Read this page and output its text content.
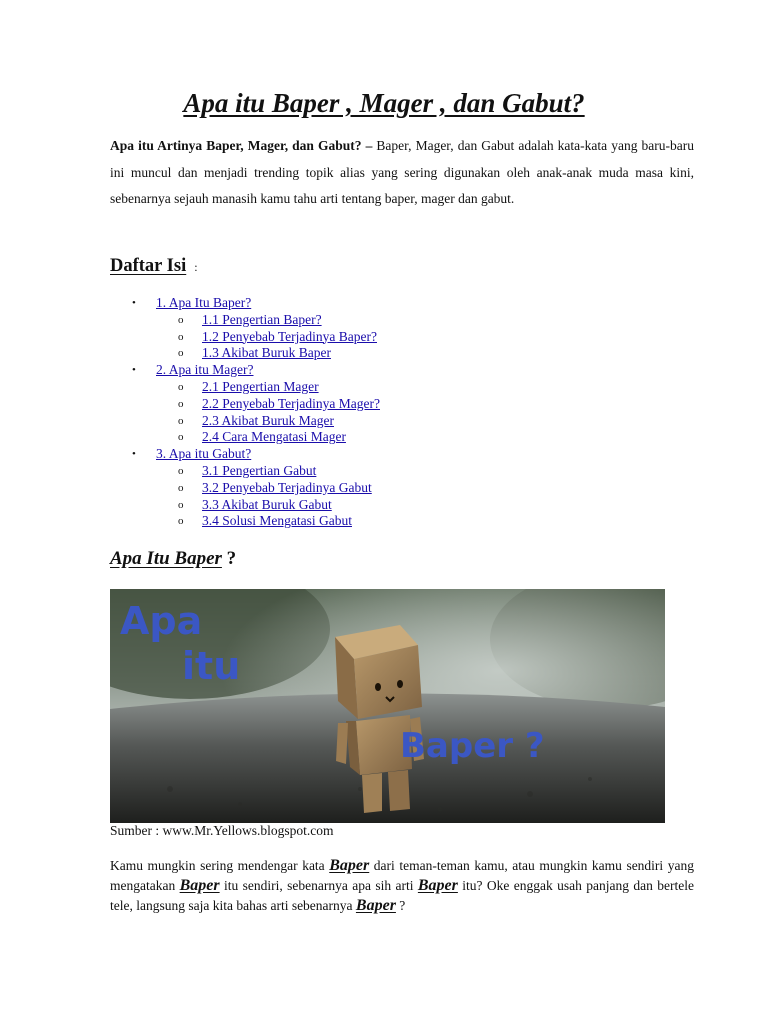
Apa itu Baper , Mager , dan Gabut?

Apa itu Artinya Baper, Mager, dan Gabut? – Baper, Mager, dan Gabut adalah kata-kata yang baru-baru ini muncul dan menjadi trending topik alias yang sering digunakan oleh anak-anak muda masa kini, sebenarnya sejauh manasih kamu tahu arti tentang baper, mager dan gabut.

Daftar Isi :
• 1. Apa Itu Baper?
o 1.1 Pengertian Baper?
o 1.2 Penyebab Terjadinya Baper?
o 1.3 Akibat Buruk Baper
• 2. Apa itu Mager?
o 2.1 Pengertian Mager
o 2.2 Penyebab Terjadinya Mager?
o 2.3 Akibat Buruk Mager
o 2.4 Cara Mengatasi Mager
• 3. Apa itu Gabut?
o 3.1 Pengertian Gabut
o 3.2 Penyebab Terjadinya Gabut
o 3.3 Akibat Buruk Gabut
o 3.4 Solusi Mengatasi Gabut
Apa Itu Baper ?
Apa
itu
Baper ?

Sumber : www.Mr.Yellows.blogspot.com

Kamu mungkin sering mendengar kata Baper dari teman-teman kamu, atau mungkin kamu sendiri yang mengatakan Baper itu sendiri, sebenarnya apa sih arti Baper itu? Oke enggak usah panjang dan bertele tele, langsung saja kita bahas arti sebenarnya Baper ?
